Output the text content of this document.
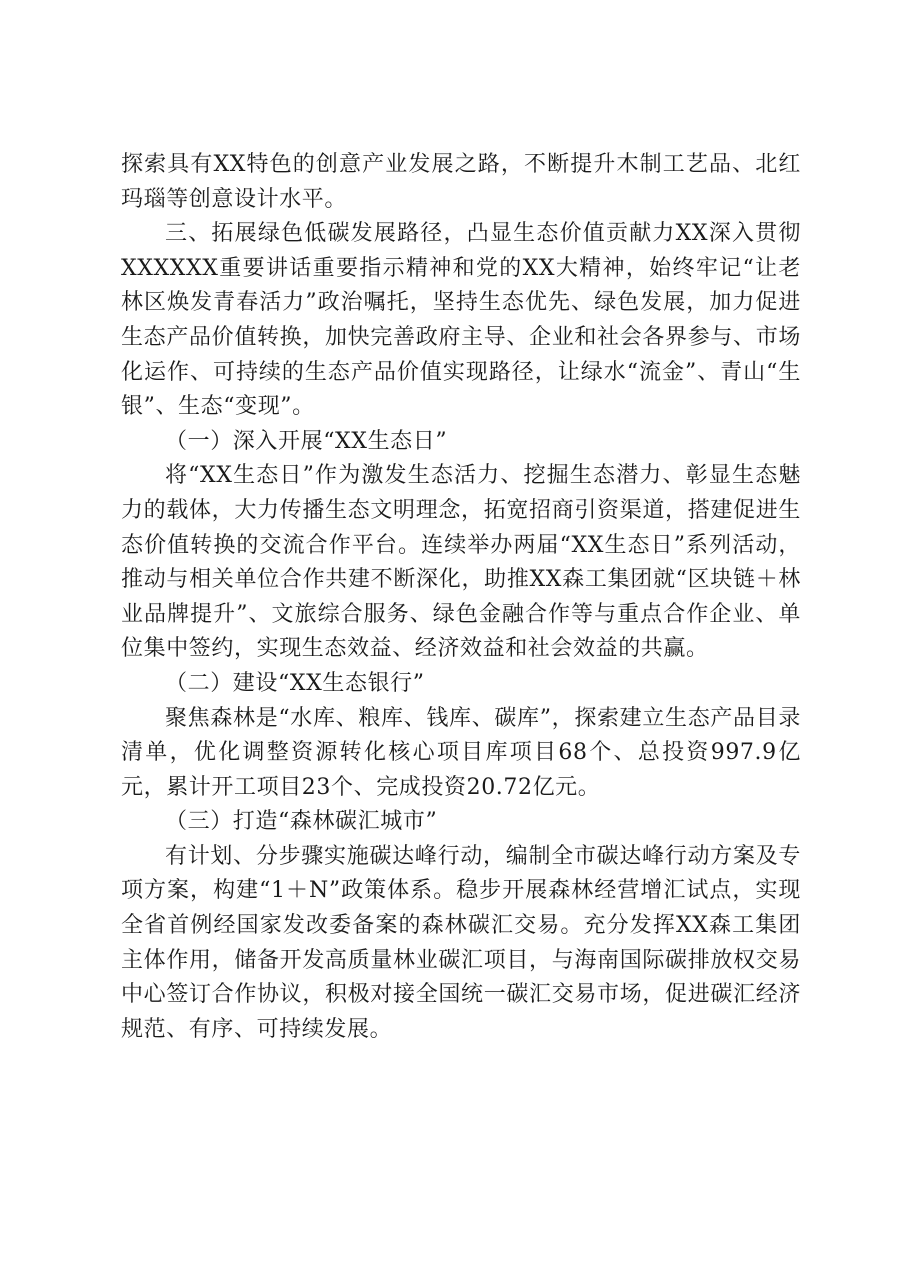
探索具有XX特色的创意产业发展之路，不断提升木制工艺品、北红玛瑙等创意设计水平。

三、拓展绿色低碳发展路径，凸显生态价值贡献力XX深入贯彻XXXXXX重要讲话重要指示精神和党的XX大精神，始终牢记“让老林区焕发青春活力”政治嘱托，坚持生态优先、绿色发展，加力促进生态产品价值转换，加快完善政府主导、企业和社会各界参与、市场化运作、可持续的生态产品价值实现路径，让绿水“流金”、青山“生银”、生态“变现”。

（一）深入开展“XX生态日”

将“XX生态日”作为激发生态活力、挖掘生态潜力、彰显生态魅力的载体，大力传播生态文明理念，拓宽招商引资渠道，搭建促进生态价值转换的交流合作平台。连续举办两届“XX生态日”系列活动，推动与相关单位合作共建不断深化，助推XX森工集团就“区块链＋林业品牌提升”、文旅综合服务、绿色金融合作等与重点合作企业、单位集中签约，实现生态效益、经济效益和社会效益的共赢。

（二）建设“XX生态银行”

聚焦森林是“水库、粮库、钱库、碳库”，探索建立生态产品目录清单，优化调整资源转化核心项目库项目68个、总投资997.9亿元，累计开工项目23个、完成投资20.72亿元。

（三）打造“森林碳汇城市”

有计划、分步骤实施碳达峰行动，编制全市碳达峰行动方案及专项方案，构建“1＋N”政策体系。稳步开展森林经营增汇试点，实现全省首例经国家发改委备案的森林碳汇交易。充分发挥XX森工集团主体作用，储备开发高质量林业碳汇项目，与海南国际碳排放权交易中心签订合作协议，积极对接全国统一碳汇交易市场，促进碳汇经济规范、有序、可持续发展。
